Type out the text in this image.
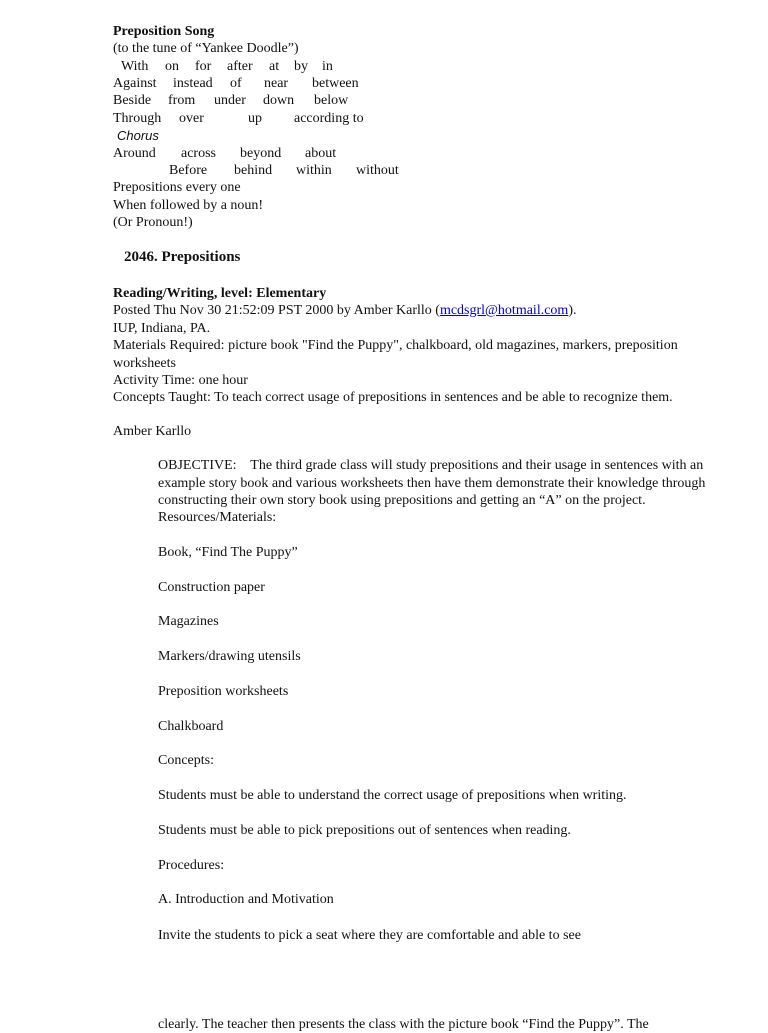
Preposition Song
(to the tune of “Yankee Doodle”)
With on for after at by in
Against instead of near between
Beside from under down below
Through over	up according to
Chorus
Around across beyond about
Before behind within without
Prepositions every one
When followed by a noun!
(Or Pronoun!)
2046. Prepositions
Reading/Writing, level: Elementary
Posted Thu Nov 30 21:52:09 PST 2000 by Amber Karllo (mcdsgrl@hotmail.com).
IUP, Indiana, PA.
Materials Required: picture book "Find the Puppy", chalkboard, old magazines, markers, preposition worksheets
Activity Time: one hour
Concepts Taught: To teach correct usage of prepositions in sentences and be able to recognize them.
Amber Karllo
OBJECTIVE:    The third grade class will study prepositions and their usage in sentences with an example story book and various worksheets then have them demonstrate their knowledge through constructing their own story book using prepositions and getting an “A” on the project.
Resources/Materials:
Book, “Find The Puppy”
Construction paper
Magazines
Markers/drawing utensils
Preposition worksheets
Chalkboard
Concepts:
Students must be able to understand the correct usage of prepositions when writing.
Students must be able to pick prepositions out of sentences when reading.
Procedures:
A. Introduction and Motivation
Invite the students to pick a seat where they are comfortable and able to see
clearly. The teacher then presents the class with the picture book “Find the Puppy”. The
